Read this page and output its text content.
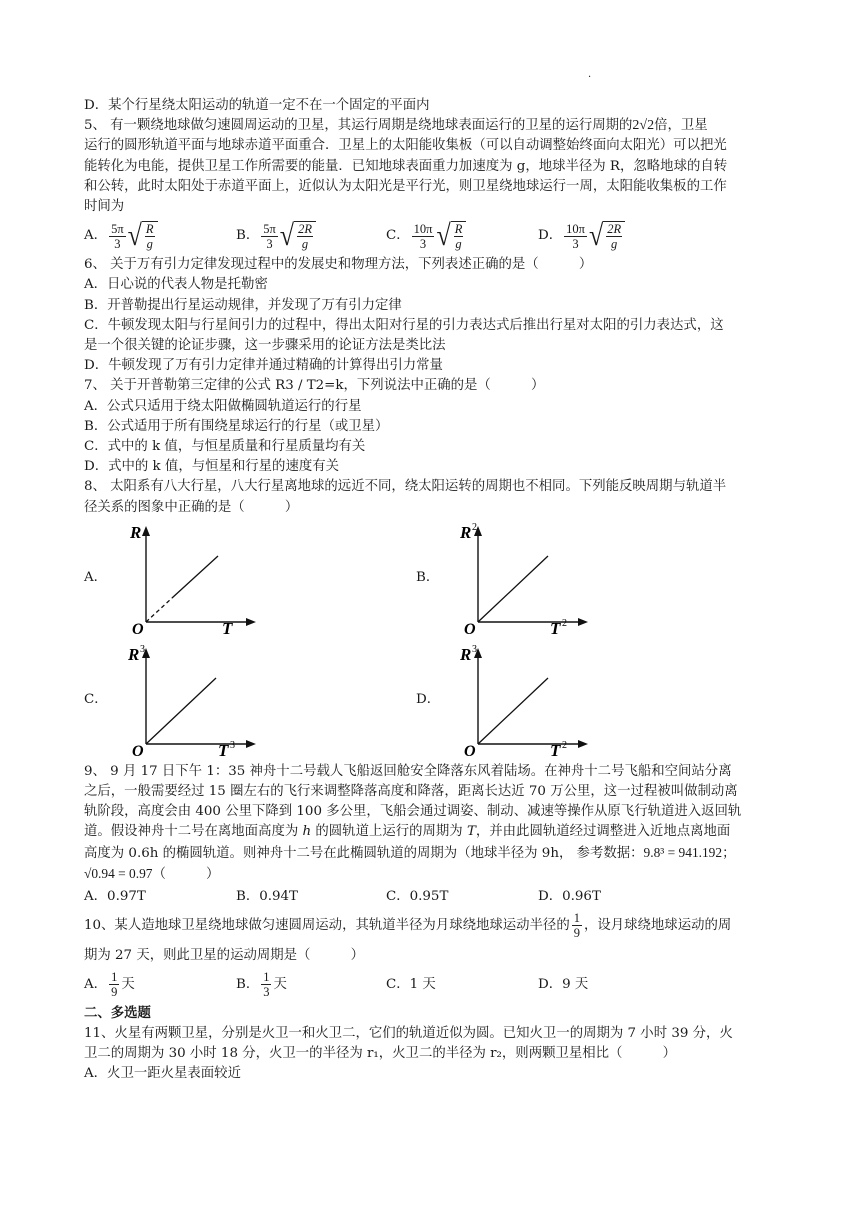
·

D．某个行星绕太阳运动的轨道一定不在一个固定的平面内

5、 有一颗绕地球做匀速圆周运动的卫星，其运行周期是绕地球表面运行的卫星的运行周期的2√2倍，卫星

运行的圆形轨道平面与地球赤道平面重合．卫星上的太阳能收集板（可以自动调整始终面向太阳光）可以把光

能转化为电能，提供卫星工作所需要的能量．已知地球表面重力加速度为 g，地球半径为 R，忽略地球的自转

和公转，此时太阳处于赤道平面上，近似认为太阳光是平行光，则卫星绕地球运行一周，太阳能收集板的工作

时间为

A． $\frac{5\pi}{3}$ √ R
g
B． $\frac{5\pi}{3}$ √ 2R
g
C． $\frac{10\pi}{3}$ √ R
g
D． $\frac{10\pi}{3}$ √ 2R
g

6、 关于万有引力定律发现过程中的发展史和物理方法，下列表述正确的是（　　　）

A．日心说的代表人物是托勒密

B．开普勒提出行星运动规律，并发现了万有引力定律

C．牛顿发现太阳与行星间引力的过程中，得出太阳对行星的引力表达式后推出行星对太阳的引力表达式，这

是一个很关键的论证步骤，这一步骤采用的论证方法是类比法

D．牛顿发现了万有引力定律并通过精确的计算得出引力常量

7、 关于开普勒第三定律的公式 R3 / T2=k，下列说法中正确的是（　　　）

A．公式只适用于绕太阳做椭圆轨道运行的行星

B．公式适用于所有围绕星球运行的行星（或卫星）

C．式中的 k 值，与恒星质量和行星质量均有关

D．式中的 k 值，与恒星和行星的速度有关

8、 太阳系有八大行星，八大行星离地球的远近不同，绕太阳运转的周期也不相同。下列能反映周期与轨道半

径关系的图象中正确的是（　　　）

A．
R
T
O
B．
R 2
T 2
O
C．
R 3
T 3
O
D．
R 3
T 2
O

9、 9 月 17 日下午 1：35 神舟十二号载人飞船返回舱安全降落东风着陆场。在神舟十二号飞船和空间站分离

之后，一般需要经过 15 圈左右的飞行来调整降落高度和降落，距离长达近 70 万公里，这一过程被叫做制动离

轨阶段，高度会由 400 公里下降到 100 多公里，飞船会通过调姿、制动、减速等操作从原飞行轨道进入返回轨

道。假设神舟十二号在离地面高度为 h 的圆轨道上运行的周期为 T，并由此圆轨道经过调整进入近地点离地面

高度为 0.6h 的椭圆轨道。则神舟十二号在此椭圆轨道的周期为（地球半径为 9h， 参考数据：9.8³ = 941.192；

√0.94 = 0.97（　　　）

A．0.97T	B．0.94T	C．0.95T	D．0.96T
10、某人造地球卫星绕地球做匀速圆周运动，其轨道半径为月球绕地球运动半径的 $\frac{1}{9}$ ，设月球绕地球运动的周

期为 27 天，则此卫星的运动周期是（　　　）

A． $\frac{1}{9}$ 天	B． $\frac{1}{3}$ 天	C． 1 天	D． 9 天

二、多选题

11、火星有两颗卫星，分别是火卫一和火卫二，它们的轨道近似为圆。已知火卫一的周期为 7 小时 39 分，火

卫二的周期为 30 小时 18 分，火卫一的半径为 r₁，火卫二的半径为 r₂，则两颗卫星相比（　　　）

A．火卫一距火星表面较近
